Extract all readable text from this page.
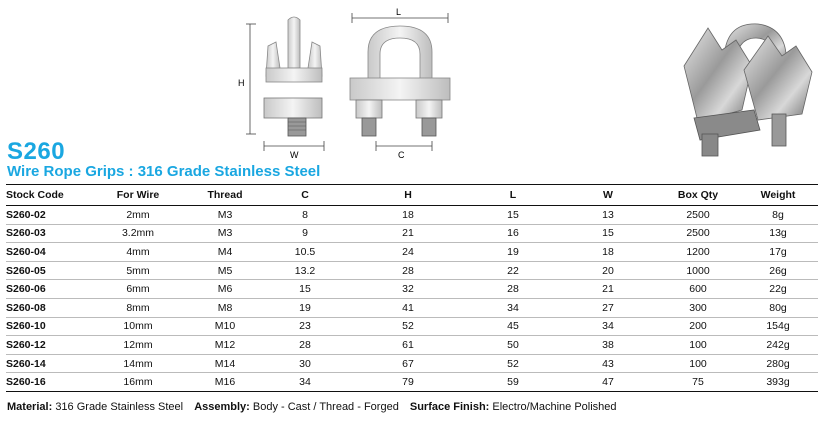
H
W
L
C
S260
Wire Rope Grips : 316 Grade Stainless Steel
Stock Code	For Wire	Thread	C	H	L	W	Box Qty	Weight
S260-02	2mm	M3	8	18	15	13	2500	8g
S260-03	3.2mm	M3	9	21	16	15	2500	13g
S260-04	4mm	M4	10.5	24	19	18	1200	17g
S260-05	5mm	M5	13.2	28	22	20	1000	26g
S260-06	6mm	M6	15	32	28	21	600	22g
S260-08	8mm	M8	19	41	34	27	300	80g
S260-10	10mm	M10	23	52	45	34	200	154g
S260-12	12mm	M12	28	61	50	38	100	242g
S260-14	14mm	M14	30	67	52	43	100	280g
S260-16	16mm	M16	34	79	59	47	75	393g
Material: 316 Grade Stainless Steel Assembly: Body - Cast / Thread - Forged Surface Finish: Electro/Machine Polished
